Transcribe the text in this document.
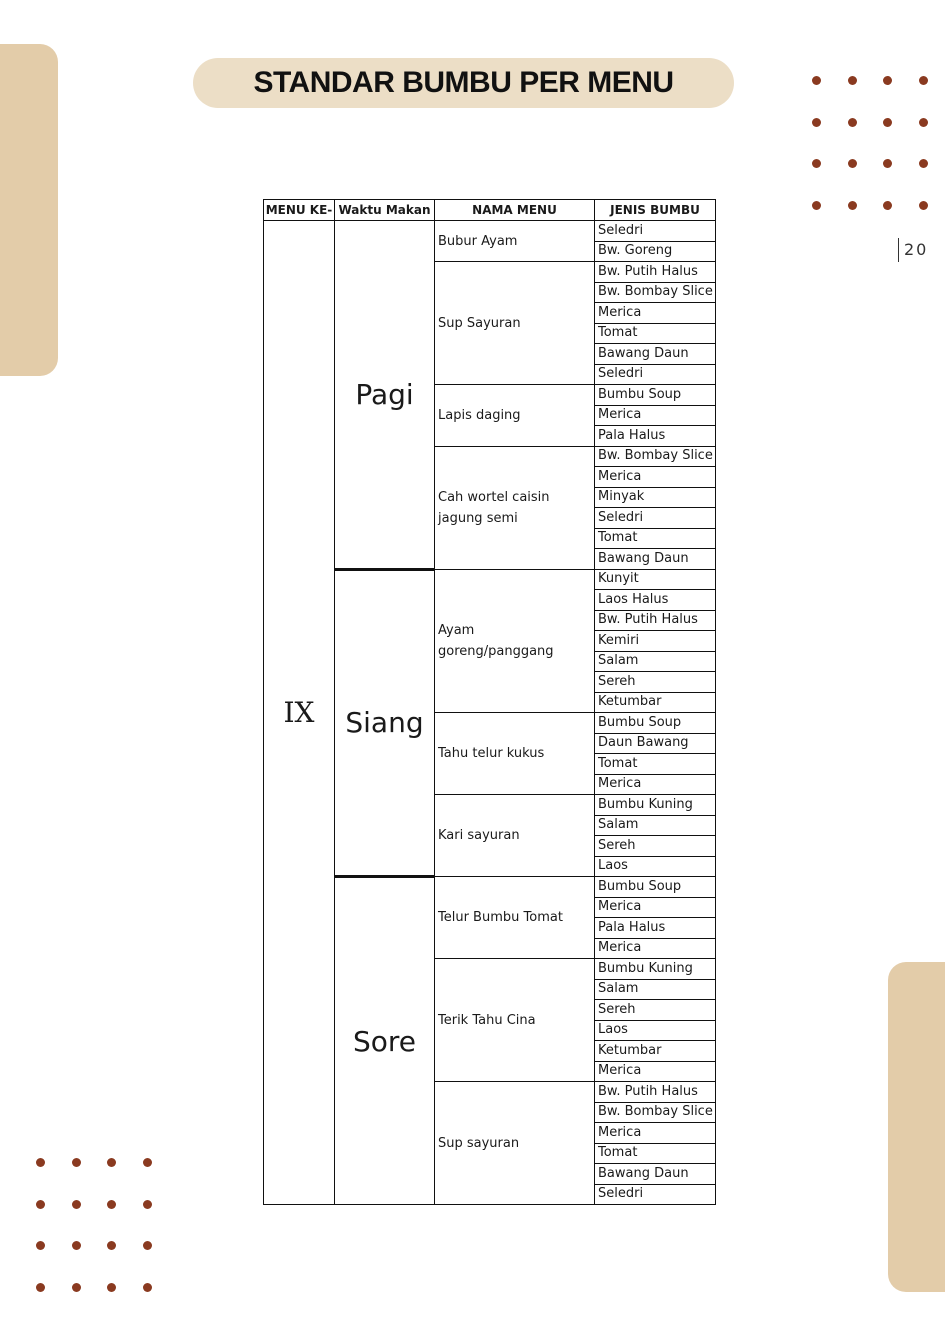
STANDAR BUMBU PER MENU
20
MENU KE-	Waktu Makan	NAMA MENU	JENIS BUMBU
IX	Pagi	Bubur Ayam	Seledri
			Bw. Goreng
		Sup Sayuran	Bw. Putih Halus
			Bw. Bombay Slice
			Merica
			Tomat
			Bawang Daun
			Seledri
		Lapis daging	Bumbu Soup
			Merica
			Pala Halus
		Cah wortel caisin jagung semi	Bw. Bombay Slice
			Merica
			Minyak
			Seledri
			Tomat
			Bawang Daun
	Siang	Ayam goreng/panggang	Kunyit
			Laos Halus
			Bw. Putih Halus
			Kemiri
			Salam
			Sereh
			Ketumbar
		Tahu telur kukus	Bumbu Soup
			Daun Bawang
			Tomat
			Merica
		Kari sayuran	Bumbu Kuning
			Salam
			Sereh
			Laos
	Sore	Telur Bumbu Tomat	Bumbu Soup
			Merica
			Pala Halus
			Merica
		Terik Tahu Cina	Bumbu Kuning
			Salam
			Sereh
			Laos
			Ketumbar
			Merica
		Sup sayuran	Bw. Putih Halus
			Bw. Bombay Slice
			Merica
			Tomat
			Bawang Daun
			Seledri
